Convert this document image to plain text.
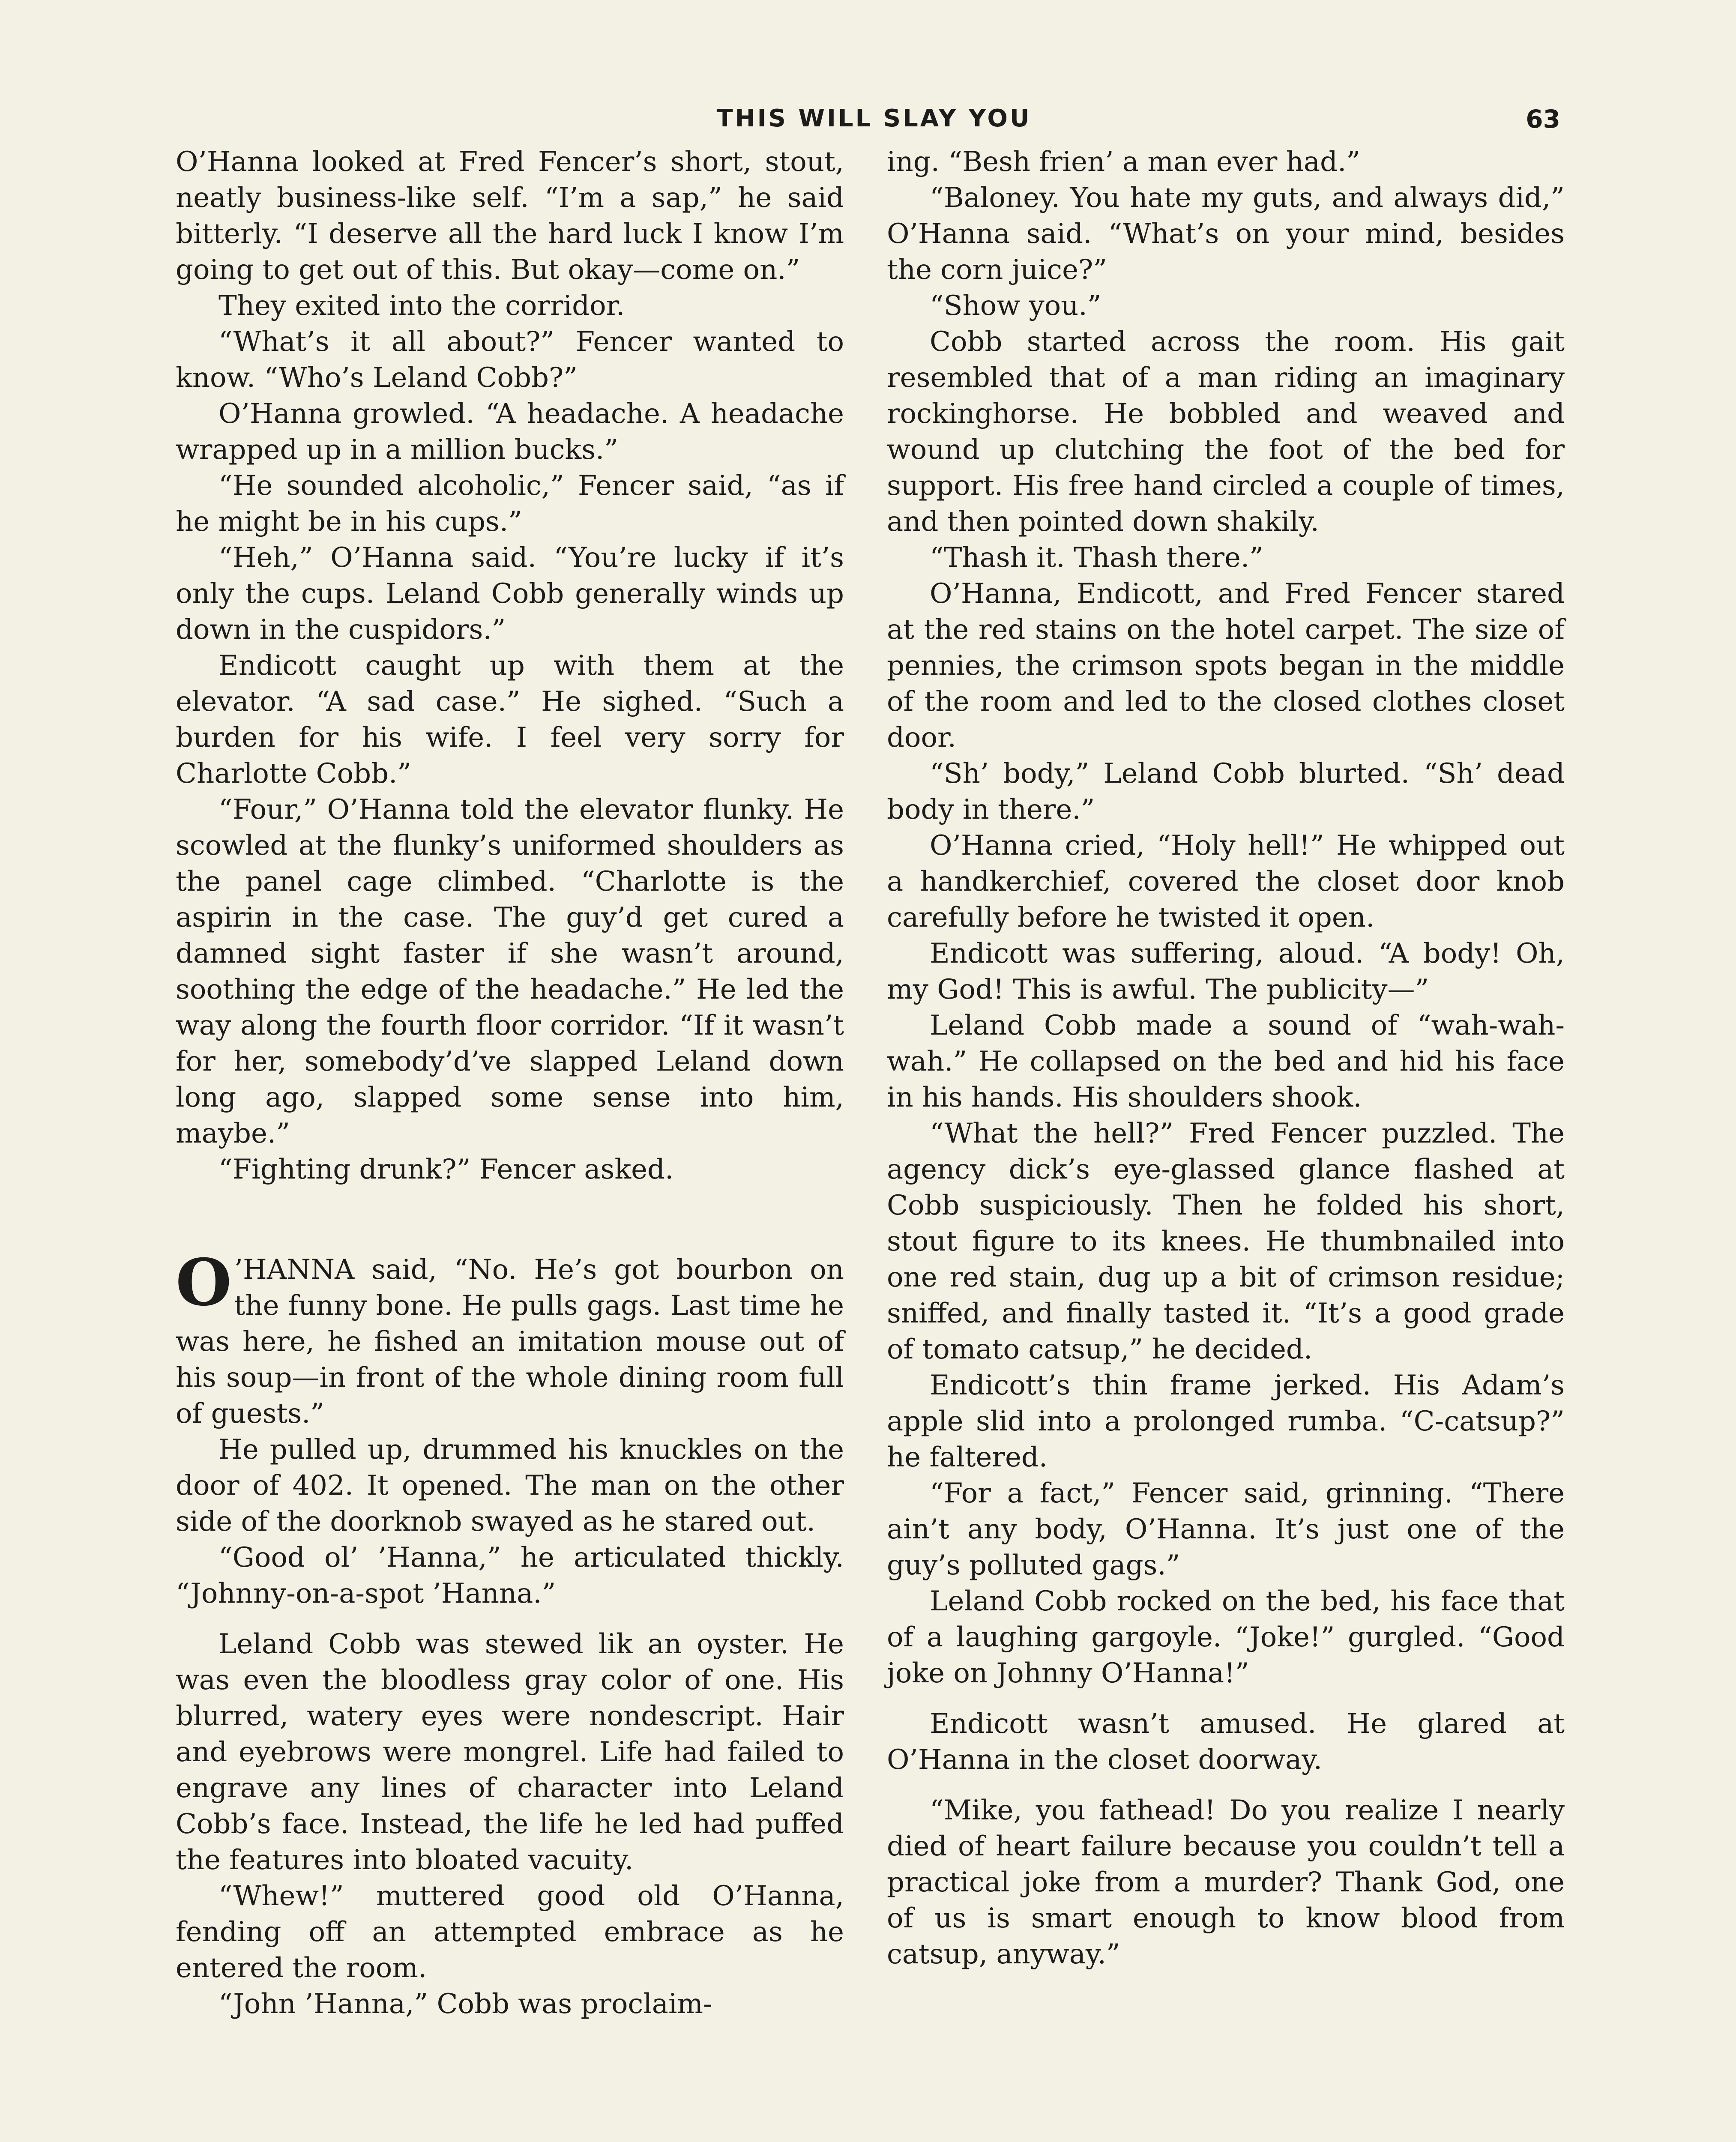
THIS WILL SLAY YOU	63

O’Hanna looked at Fred Fencer’s short, stout, neatly business-like self. “I’m a sap,” he said bitterly. “I deserve all the hard luck I know I’m going to get out of this. But okay—come on.”

They exited into the corridor.

“What’s it all about?” Fencer wanted to know. “Who’s Leland Cobb?”

O’Hanna growled. “A headache. A headache wrapped up in a million bucks.”

“He sounded alcoholic,” Fencer said, “as if he might be in his cups.”

“Heh,” O’Hanna said. “You’re lucky if it’s only the cups. Leland Cobb generally winds up down in the cuspidors.”

Endicott caught up with them at the elevator. “A sad case.” He sighed. “Such a burden for his wife. I feel very sorry for Charlotte Cobb.”

“Four,” O’Hanna told the elevator flunky. He scowled at the flunky’s uniformed shoulders as the panel cage climbed. “Charlotte is the aspirin in the case. The guy’d get cured a damned sight faster if she wasn’t around, soothing the edge of the headache.” He led the way along the fourth floor corridor. “If it wasn’t for her, somebody’d’ve slapped Leland down long ago, slapped some sense into him, maybe.”

“Fighting drunk?” Fencer asked.

O ’HANNA said, “No. He’s got bourbon on the funny bone. He pulls gags. Last time he was here, he fished an imitation mouse out of his soup—in front of the whole dining room full of guests.”

He pulled up, drummed his knuckles on the door of 402. It opened. The man on the other side of the doorknob swayed as he stared out.

“Good ol’ ’Hanna,” he articulated thickly. “Johnny-on-a-spot ’Hanna.”

Leland Cobb was stewed lik an oyster. He was even the bloodless gray color of one. His blurred, watery eyes were nondescript. Hair and eyebrows were mongrel. Life had failed to engrave any lines of character into Leland Cobb’s face. Instead, the life he led had puffed the features into bloated vacuity.

“Whew!” muttered good old O’Hanna, fending off an attempted embrace as he entered the room.

“John ’Hanna,” Cobb was proclaim-

ing. “Besh frien’ a man ever had.”

“Baloney. You hate my guts, and always did,” O’Hanna said. “What’s on your mind, besides the corn juice?”

“Show you.”

Cobb started across the room. His gait resembled that of a man riding an imaginary rockinghorse. He bobbled and weaved and wound up clutching the foot of the bed for support. His free hand circled a couple of times, and then pointed down shakily.

“Thash it. Thash there.”

O’Hanna, Endicott, and Fred Fencer stared at the red stains on the hotel carpet. The size of pennies, the crimson spots began in the middle of the room and led to the closed clothes closet door.

“Sh’ body,” Leland Cobb blurted. “Sh’ dead body in there.”

O’Hanna cried, “Holy hell!” He whipped out a handkerchief, covered the closet door knob carefully before he twisted it open.

Endicott was suffering, aloud. “A body! Oh, my God! This is awful. The publicity—”

Leland Cobb made a sound of “wah-wah-wah.” He collapsed on the bed and hid his face in his hands. His shoulders shook.

“What the hell?” Fred Fencer puzzled. The agency dick’s eye-glassed glance flashed at Cobb suspiciously. Then he folded his short, stout figure to its knees. He thumbnailed into one red stain, dug up a bit of crimson residue; sniffed, and finally tasted it. “It’s a good grade of tomato catsup,” he decided.

Endicott’s thin frame jerked. His Adam’s apple slid into a prolonged rumba. “C-catsup?” he faltered.

“For a fact,” Fencer said, grinning. “There ain’t any body, O’Hanna. It’s just one of the guy’s polluted gags.”

Leland Cobb rocked on the bed, his face that of a laughing gargoyle. “Joke!” gurgled. “Good joke on Johnny O’Hanna!”

Endicott wasn’t amused. He glared at O’Hanna in the closet doorway.

“Mike, you fathead! Do you realize I nearly died of heart failure because you couldn’t tell a practical joke from a murder? Thank God, one of us is smart enough to know blood from catsup, anyway.”
